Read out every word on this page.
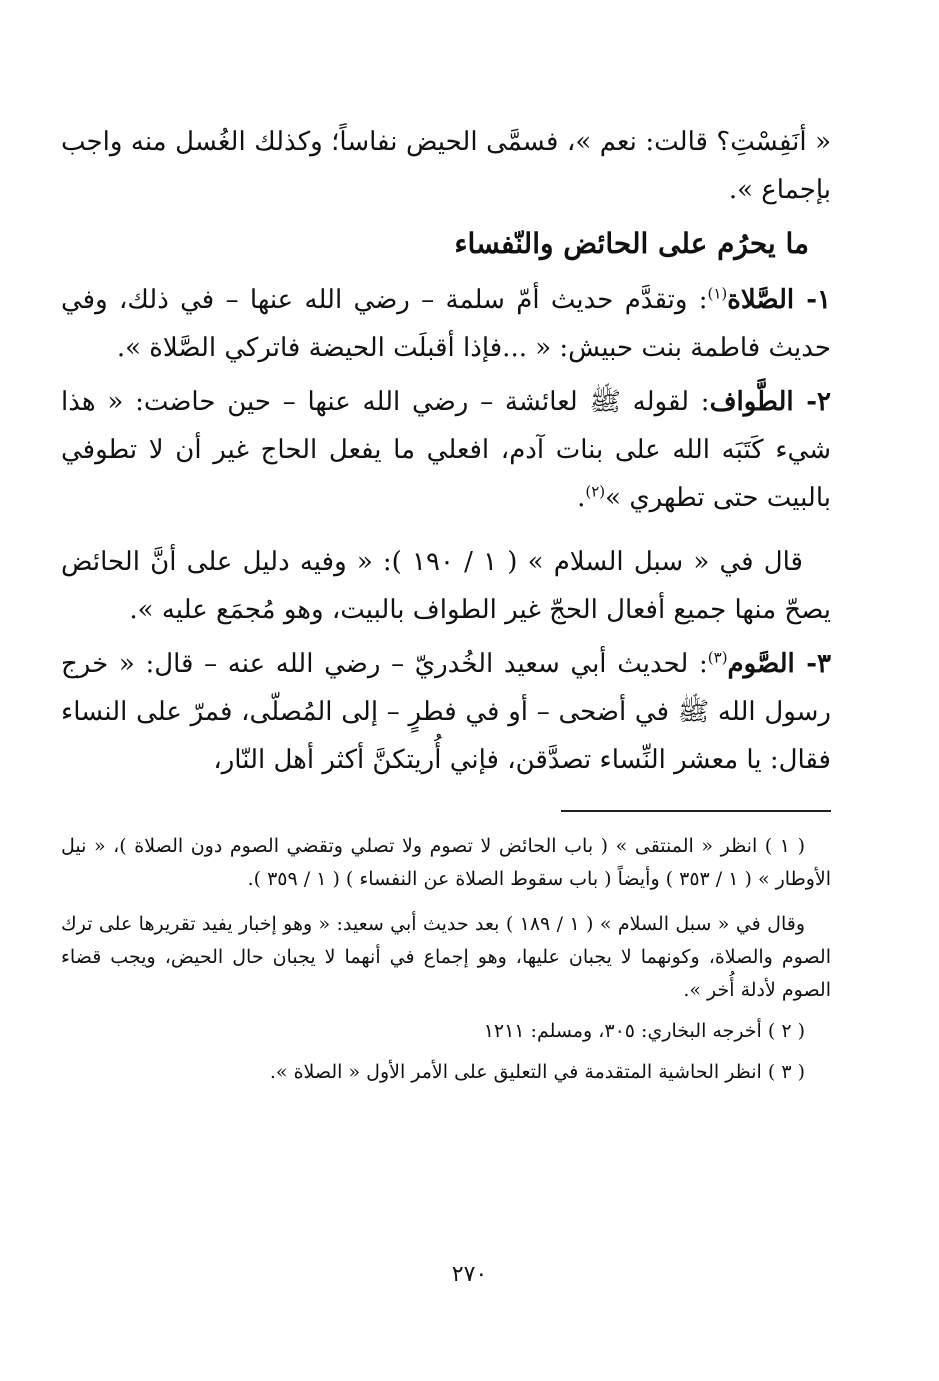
« أنَفِسْتِ؟ قالت: نعم »، فسمَّى الحيض نفاساً؛ وكذلك الغُسل منه واجب بإجماع ».

ما يحرُم على الحائض والنّفساء

١- الصَّلاة$^{(١)}$: وتقدَّم حديث أمّ سلمة – رضي الله عنها – في ذلك، وفي حديث فاطمة بنت حبيش: « ...فإذا أقبلَت الحيضة فاتركي الصَّلاة ».

٢- الطَّواف: لقوله ﷺ لعائشة – رضي الله عنها – حين حاضت: « هذا شيء كَتَبَه الله على بنات آدم، افعلي ما يفعل الحاج غير أن لا تطوفي بالبيت حتى تطهري »$^{(٢)}$.

قال في « سبل السلام » ( ١ / ١٩٠ ): « وفيه دليل على أنَّ الحائض يصحّ منها جميع أفعال الحجّ غير الطواف بالبيت، وهو مُجمَع عليه ».

٣- الصَّوم$^{(٣)}$: لحديث أبي سعيد الخُدريّ – رضي الله عنه – قال: « خرج رسول الله ﷺ في أضحى – أو في فطرٍ – إلى المُصلّى، فمرّ على النساء فقال: يا معشر النِّساء تصدَّقن، فإني أُريتكنَّ أكثر أهل النّار،

( ١ ) انظر « المنتقى » ( باب الحائض لا تصوم ولا تصلي وتقضي الصوم دون الصلاة )، « نيل الأوطار » ( ١ / ٣٥٣ ) وأيضاً ( باب سقوط الصلاة عن النفساء ) ( ١ / ٣٥٩ ).

وقال في « سبل السلام » ( ١ / ١٨٩ ) بعد حديث أبي سعيد: « وهو إخبار يفيد تقريرها على ترك الصوم والصلاة، وكونهما لا يجبان عليها، وهو إجماع في أنهما لا يجبان حال الحيض، ويجب قضاء الصوم لأدلة أُخر ».

( ٢ ) أخرجه البخاري: ٣٠٥، ومسلم: ١٢١١

( ٣ ) انظر الحاشية المتقدمة في التعليق على الأمر الأول « الصلاة ».

٢٧٠
